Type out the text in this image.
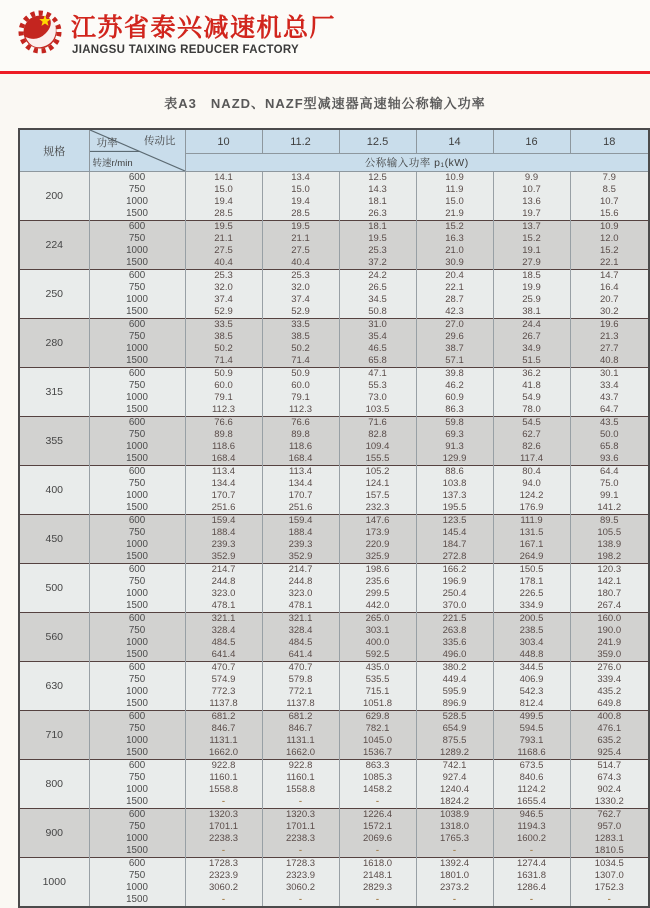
江苏省泰兴减速机总厂
JIANGSU TAIXING REDUCER FACTORY
表A3　NAZD、NAZF型减速器高速轴公称输入功率
规格	传动比
功率
转速r/min	10	11.2	12.5	14	16	18
		公称输入功率 p₁(kW)					
200	600	14.1	13.4	12.5	10.9	9.9	7.9
	750	15.0	15.0	14.3	11.9	10.7	8.5
	1000	19.4	19.4	18.1	15.0	13.6	10.7
	1500	28.5	28.5	26.3	21.9	19.7	15.6
224	600	19.5	19.5	18.1	15.2	13.7	10.9
	750	21.1	21.1	19.5	16.3	15.2	12.0
	1000	27.5	27.5	25.3	21.0	19.1	15.2
	1500	40.4	40.4	37.2	30.9	27.9	22.1
250	600	25.3	25.3	24.2	20.4	18.5	14.7
	750	32.0	32.0	26.5	22.1	19.9	16.4
	1000	37.4	37.4	34.5	28.7	25.9	20.7
	1500	52.9	52.9	50.8	42.3	38.1	30.2
280	600	33.5	33.5	31.0	27.0	24.4	19.6
	750	38.5	38.5	35.4	29.6	26.7	21.3
	1000	50.2	50.2	46.5	38.7	34.9	27.7
	1500	71.4	71.4	65.8	57.1	51.5	40.8
315	600	50.9	50.9	47.1	39.8	36.2	30.1
	750	60.0	60.0	55.3	46.2	41.8	33.4
	1000	79.1	79.1	73.0	60.9	54.9	43.7
	1500	112.3	112.3	103.5	86.3	78.0	64.7
355	600	76.6	76.6	71.6	59.8	54.5	43.5
	750	89.8	89.8	82.8	69.3	62.7	50.0
	1000	118.6	118.6	109.4	91.3	82.6	65.8
	1500	168.4	168.4	155.5	129.9	117.4	93.6
400	600	113.4	113.4	105.2	88.6	80.4	64.4
	750	134.4	134.4	124.1	103.8	94.0	75.0
	1000	170.7	170.7	157.5	137.3	124.2	99.1
	1500	251.6	251.6	232.3	195.5	176.9	141.2
450	600	159.4	159.4	147.6	123.5	111.9	89.5
	750	188.4	188.4	173.9	145.4	131.5	105.5
	1000	239.3	239.3	220.9	184.7	167.1	138.9
	1500	352.9	352.9	325.9	272.8	264.9	198.2
500	600	214.7	214.7	198.6	166.2	150.5	120.3
	750	244.8	244.8	235.6	196.9	178.1	142.1
	1000	323.0	323.0	299.5	250.4	226.5	180.7
	1500	478.1	478.1	442.0	370.0	334.9	267.4
560	600	321.1	321.1	265.0	221.5	200.5	160.0
	750	328.4	328.4	303.1	263.8	238.5	190.0
	1000	484.5	484.5	400.0	335.6	303.4	241.9
	1500	641.4	641.4	592.5	496.0	448.8	359.0
630	600	470.7	470.7	435.0	380.2	344.5	276.0
	750	574.9	579.8	535.5	449.4	406.9	339.4
	1000	772.3	772.1	715.1	595.9	542.3	435.2
	1500	1137.8	1137.8	1051.8	896.9	812.4	649.8
710	600	681.2	681.2	629.8	528.5	499.5	400.8
	750	846.7	846.7	782.1	654.9	594.5	476.1
	1000	1131.1	1131.1	1045.0	875.5	793.1	635.2
	1500	1662.0	1662.0	1536.7	1289.2	1168.6	925.4
800	600	922.8	922.8	863.3	742.1	673.5	514.7
	750	1160.1	1160.1	1085.3	927.4	840.6	674.3
	1000	1558.8	1558.8	1458.2	1240.4	1124.2	902.4
	1500	-	-	-	1824.2	1655.4	1330.2
900	600	1320.3	1320.3	1226.4	1038.9	946.5	762.7
	750	1701.1	1701.1	1572.1	1318.0	1194.3	957.0
	1000	2238.3	2238.3	2069.6	1765.3	1600.2	1283.1
	1500	-	-	-	-	-	1810.5
1000	600	1728.3	1728.3	1618.0	1392.4	1274.4	1034.5
	750	2323.9	2323.9	2148.1	1801.0	1631.8	1307.0
	1000	3060.2	3060.2	2829.3	2373.2	1286.4	1752.3
	1500	-	-	-	-	-	-
